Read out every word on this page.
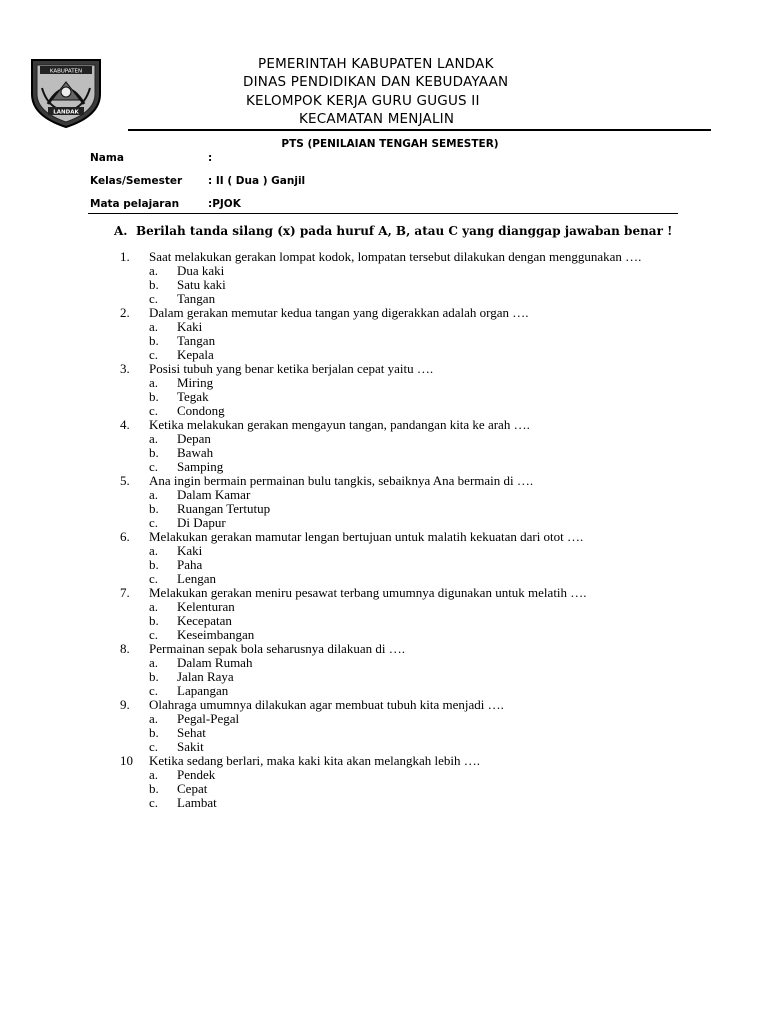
KABUPATEN
LANDAK
PEMERINTAH KABUPATEN LANDAK
DINAS PENDIDIKAN DAN KEBUDAYAAN
KELOMPOK KERJA GURU GUGUS II
KECAMATAN MENJALIN
PTS (PENILAIAN TENGAH SEMESTER)
Nama	:
Kelas/Semester : II ( Dua ) Ganjil
Mata pelajaran	:PJOK
A. Berilah tanda silang (x) pada huruf A, B, atau C yang dianggap jawaban benar !
1. Saat melakukan gerakan lompat kodok, lompatan tersebut dilakukan dengan menggunakan ….
a. Dua kaki
b. Satu kaki
c. Tangan
2. Dalam gerakan memutar kedua tangan yang digerakkan adalah organ ….
a. Kaki
b. Tangan
c. Kepala
3. Posisi tubuh yang benar ketika berjalan cepat yaitu ….
a. Miring
b. Tegak
c. Condong
4. Ketika melakukan gerakan mengayun tangan, pandangan kita ke arah ….
a. Depan
b. Bawah
c. Samping
5. Ana ingin bermain permainan bulu tangkis, sebaiknya Ana bermain di ….
a. Dalam Kamar
b. Ruangan Tertutup
c. Di Dapur
6. Melakukan gerakan mamutar lengan bertujuan untuk malatih kekuatan dari otot ….
a. Kaki
b. Paha
c. Lengan
7. Melakukan gerakan meniru pesawat terbang umumnya digunakan untuk melatih ….
a. Kelenturan
b. Kecepatan
c. Keseimbangan
8. Permainan sepak bola seharusnya dilakuan di ….
a. Dalam Rumah
b. Jalan Raya
c. Lapangan
9. Olahraga umumnya dilakukan agar membuat tubuh kita menjadi ….
a. Pegal-Pegal
b. Sehat
c. Sakit
10 Ketika sedang berlari, maka kaki kita akan melangkah lebih ….
a. Pendek
b. Cepat
c. Lambat
